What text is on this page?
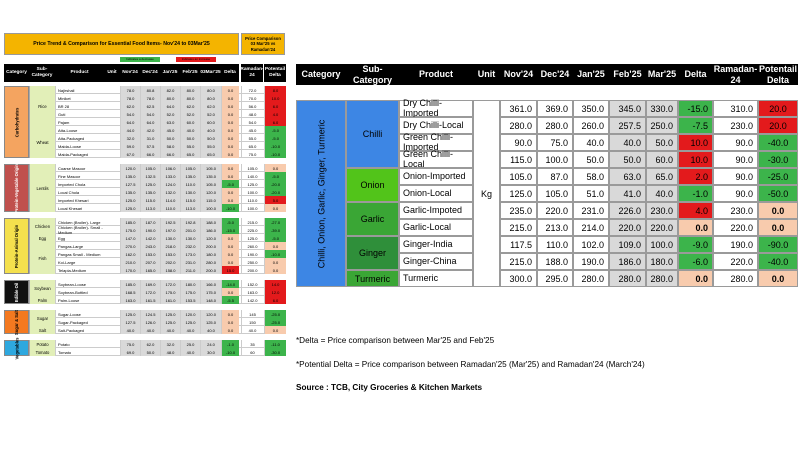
Price Trend & Comparison for Essential Food Items- Nov'24 to 03Mar'25
Price Comparison
03 Mar'25 vs
Ramadan'24
Indicates a decrease	Indicates an increase
Category
Sub-Category
Product	Unit	Nov'24 Dec'24	Jan'25	Feb'25 03Mar'25 Delta
Ramadan-24
Potentail Delta
Carbohydrates
Rice
Najirshail	78.0	80.8	82.0	80.0	80.0	0.0	72.0	8.0
Miniket	78.0	78.0	80.0	80.0	80.0	0.0	70.0	10.0
BR 28	62.0	62.5	64.0	62.0	62.0	0.0	56.0	6.0
Guti	54.0	54.0	52.0	52.0	52.0	0.0	48.0	4.0
Pajam	64.0	64.0	63.0	60.0	60.0	0.0	54.0	6.0
Wheat
Atta-Loose	44.0	42.0	45.0	40.0	40.0	0.0	45.0	-5.0
Atta-Packaged	32.0	31.0	50.0	50.0	50.0	0.0	55.0	-5.0
Maida-Loose	59.0	57.5	58.0	55.0	55.0	0.0	65.0	-10.0
Maida-Packaged	67.0	66.0	66.0	65.0	65.0	0.0	75.0	-10.0
Protein-Vegetable Origin	Lentils
Coarse Masoor	120.0	105.0	106.0	105.0	105.0	0.0	105.0	0.0
Fine Masoor	135.0	132.5	133.0	135.0	135.0	0.0	140.0	-5.0
Imported Chola	127.5	125.0	124.0	110.0	105.0	-5.0	125.0	-20.0
Local Chola	135.0	135.0	132.0	130.0	120.0	0.0	100.0	-20.0
Imported Khesari	125.0	115.0	114.0	115.0	115.0	0.0	110.0	5.0
Local Khesari	125.0	113.0	110.0	113.0	100.0	-10.0	100.0	0.0
Protein-Animal Origin	Chicken
Chicken (Broiler)- Large	185.0	187.0	192.5	192.8	188.0	-5.0	215.0	-27.0
Chicken (Broiler)- Small - Medium	175.0	190.0	197.0	201.0	186.0	-15.0	225.0	-39.0
Egg	Egg	147.0	142.0	130.0	130.0	120.0	0.0	125.0	-5.0
Fish
Pangas-Large	270.0	243.0	218.0	232.0	200.0	0.0	260.0	0.0
Pangas Small - Medium	162.0	153.0	153.0	173.0	180.0	0.0	190.0	-10.0
Koi-Large	210.0	207.0	202.0	231.0	280.0	0.0	250.0	0.0
Telapia-Medium	170.0	165.0	158.0	211.0	200.0	15.0	200.0	0.0
Edible Oil	Soybean
Soybean-Loose	185.0	169.0	172.0	180.0	166.0	-14.0	152.0	14.0
Soybean-Bottled	168.5	172.0	175.0	175.0	175.0	0.0	163.0	12.0
Palm	Palm-Loose	163.0	161.5	161.0	153.5	148.0	-5.5	142.0	6.0
Sugar & Salt	Sugar
Sugar-Loose	125.0	124.5	125.0	120.0	120.0	0.0	145	-25.0
Sugar-Packaged	127.5	126.0	125.0	125.0	125.0	0.0	150	-25.0
Salt	Salt-Packaged	40.0	40.0	40.0	40.0	40.0	0.0	40.0	0.0
Vegetables	Potato	Potato	75.0	62.0	32.0	25.0	24.0	-1.0	35	-11.0
Tomato	Tomato	69.0	50.0	48.0	40.0	30.0	-10.0	60	-30.0
Category
Sub-Category
Product	Unit Nov'24 Dec'24 Jan'25 Feb'25 Mar'25 Delta
Ramadan-24
Potentail Delta
Chilli, Onion, Garlic, Ginger, Turmeric	Kg
Chilli
Dry Chilli-Imported	361.0	369.0	350.0	345.0	330.0	-15.0	310.0	20.0
Dry Chilli-Local	280.0	280.0	260.0	257.5	250.0	-7.5	230.0	20.0
Green Chilli-Imported	90.0	75.0	40.0	40.0	50.0	10.0	90.0	-40.0
Green Chilli-Local	115.0	100.0	50.0	50.0	60.0	10.0	90.0	-30.0
Onion
Onion-Imported	105.0	87.0	58.0	63.0	65.0	2.0	90.0	-25.0
Onion-Local	125.0	105.0	51.0	41.0	40.0	-1.0	90.0	-50.0
Garlic
Garlic-Impoted	235.0	220.0	231.0	226.0	230.0	4.0	230.0	0.0
Garlic-Local	215.0	213.0	214.0	220.0	220.0	0.0	220.0	0.0
Ginger
Ginger-India	117.5	110.0	102.0	109.0	100.0	-9.0	190.0	-90.0
Ginger-China	215.0	188.0	190.0	186.0	180.0	-6.0	220.0	-40.0
Turmeric	Turmeric	300.0	295.0	280.0	280.0	280.0	0.0	280.0	0.0
*Delta = Price comparison between Mar'25 and Feb'25
*Potential Delta = Price comparison between Ramadan'25 (Mar'25) and Ramadan'24 (March'24)
Source : TCB, City Groceries & Kitchen Markets
